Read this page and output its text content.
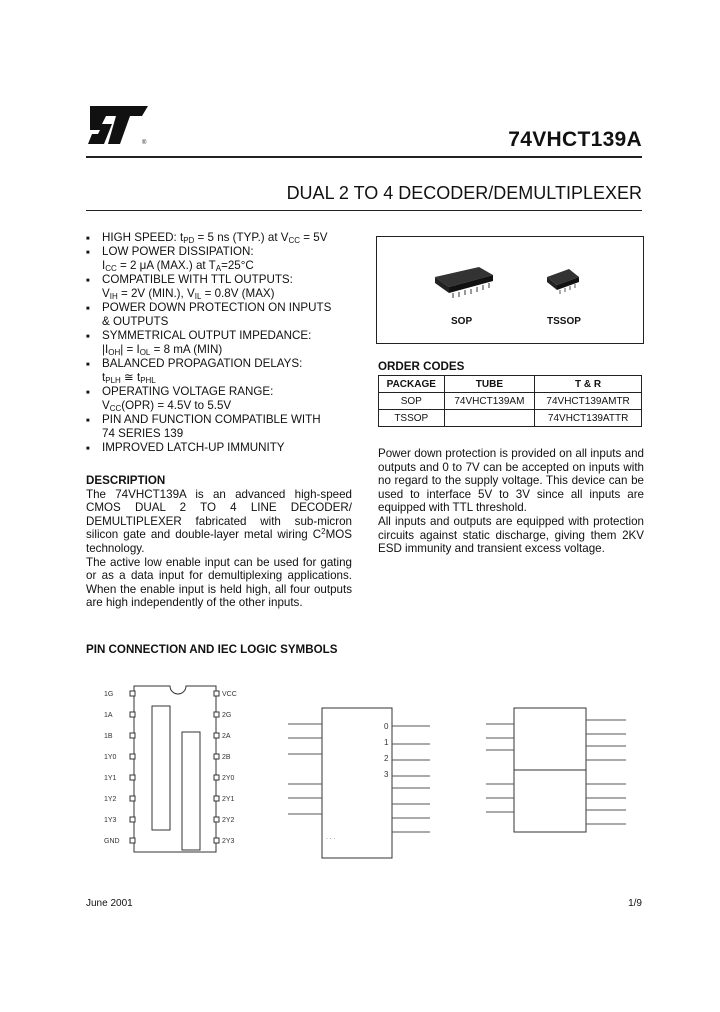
®	74VHCT139A
DUAL 2 TO 4 DECODER/DEMULTIPLEXER
■ HIGH SPEED: $t_{PD} = 5$ ns (TYP.) at $V_{CC} = 5V$
■ LOW POWER DISSIPATION:
$I_{CC} = 2$ μA (MAX.) at $T_A=25^\circ C$
■ COMPATIBLE WITH TTL OUTPUTS:
$V_{IH} = 2V$ (MIN.), $V_{IL} = 0.8V$ (MAX)
■ POWER DOWN PROTECTION ON INPUTS
& OUTPUTS
■ SYMMETRICAL OUTPUT IMPEDANCE:
$|I_{OH}| = I_{OL} = 8$ mA (MIN)
■ BALANCED PROPAGATION DELAYS:
$t_{PLH}$ ≅ $t_{PHL}$
■ OPERATING VOLTAGE RANGE:
$V_{CC}(OPR) = 4.5V$ to 5.5V
■ PIN AND FUNCTION COMPATIBLE WITH
74 SERIES 139
■ IMPROVED LATCH-UP IMMUNITY
DESCRIPTION

The 74VHCT139A is an advanced high-speed CMOS DUAL 2 TO 4 LINE DECODER/ DEMULTIPLEXER fabricated with sub-micron silicon gate and double-layer metal wiring $C^2MOS$ technology.

The active low enable input can be used for gating or as a data input for demultiplexing applications. When the enable input is held high, all four outputs are high independently of the other inputs.

SOP	TSSOP
ORDER CODES
PACKAGE	TUBE	T & R
SOP	74VHCT139AM	74VHCT139AMTR
TSSOP		74VHCT139ATTR

Power down protection is provided on all inputs and outputs and 0 to 7V can be accepted on inputs with no regard to the supply voltage. This device can be used to interface 5V to 3V since all inputs are equipped with TTL threshold.

All inputs and outputs are equipped with protection circuits against static discharge, giving them 2KV ESD immunity and transient excess voltage.

PIN CONNECTION AND IEC LOGIC SYMBOLS
1G
1A
1B
1Y0
1Y1
1Y2
1Y3
GND
VCC
2G
2A
2B
2Y0
2Y1
2Y2
2Y3
0
1
2
3
· · ·
June 2001	1/9
